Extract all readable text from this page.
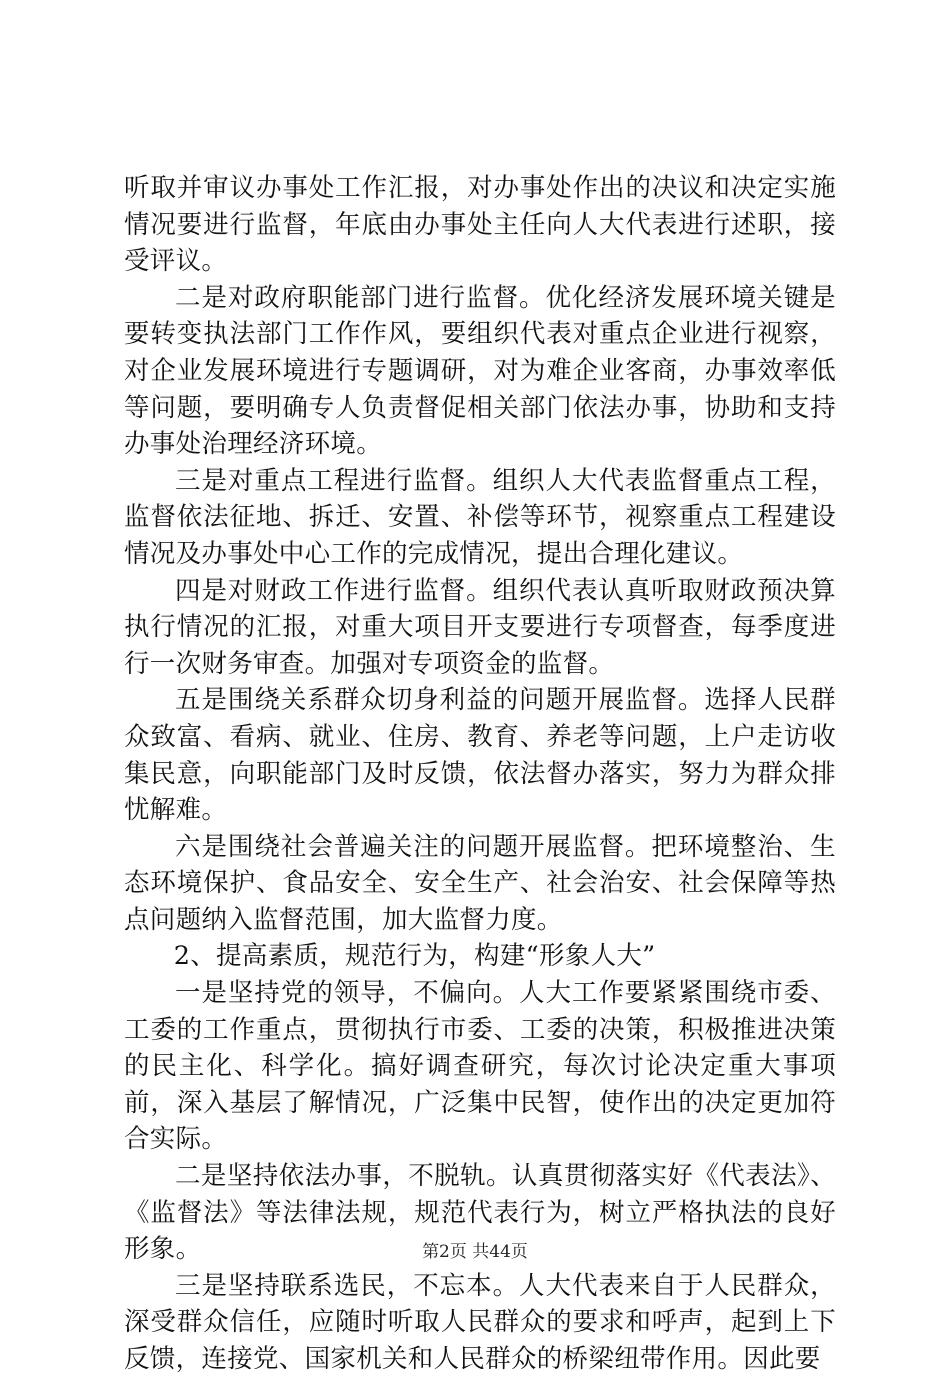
听取并审议办事处工作汇报，对办事处作出的决议和决定实施情况要进行监督，年底由办事处主任向人大代表进行述职，接受评议。

二是对政府职能部门进行监督。优化经济发展环境关键是要转变执法部门工作作风，要组织代表对重点企业进行视察，对企业发展环境进行专题调研，对为难企业客商，办事效率低等问题，要明确专人负责督促相关部门依法办事，协助和支持办事处治理经济环境。

三是对重点工程进行监督。组织人大代表监督重点工程，监督依法征地、拆迁、安置、补偿等环节，视察重点工程建设情况及办事处中心工作的完成情况，提出合理化建议。

四是对财政工作进行监督。组织代表认真听取财政预决算执行情况的汇报，对重大项目开支要进行专项督查，每季度进行一次财务审查。加强对专项资金的监督。

五是围绕关系群众切身利益的问题开展监督。选择人民群众致富、看病、就业、住房、教育、养老等问题，上户走访收集民意，向职能部门及时反馈，依法督办落实，努力为群众排忧解难。

六是围绕社会普遍关注的问题开展监督。把环境整治、生态环境保护、食品安全、安全生产、社会治安、社会保障等热点问题纳入监督范围，加大监督力度。

2、提高素质，规范行为，构建“形象人大”

一是坚持党的领导，不偏向。人大工作要紧紧围绕市委、工委的工作重点，贯彻执行市委、工委的决策，积极推进决策的民主化、科学化。搞好调查研究，每次讨论决定重大事项前，深入基层了解情况，广泛集中民智，使作出的决定更加符合实际。

二是坚持依法办事，不脱轨。认真贯彻落实好《代表法》、《监督法》等法律法规，规范代表行为，树立严格执法的良好形象。

三是坚持联系选民，不忘本。人大代表来自于人民群众，深受群众信任，应随时听取人民群众的要求和呼声，起到上下反馈，连接党、国家机关和人民群众的桥梁纽带作用。因此要

第2页 共44页
